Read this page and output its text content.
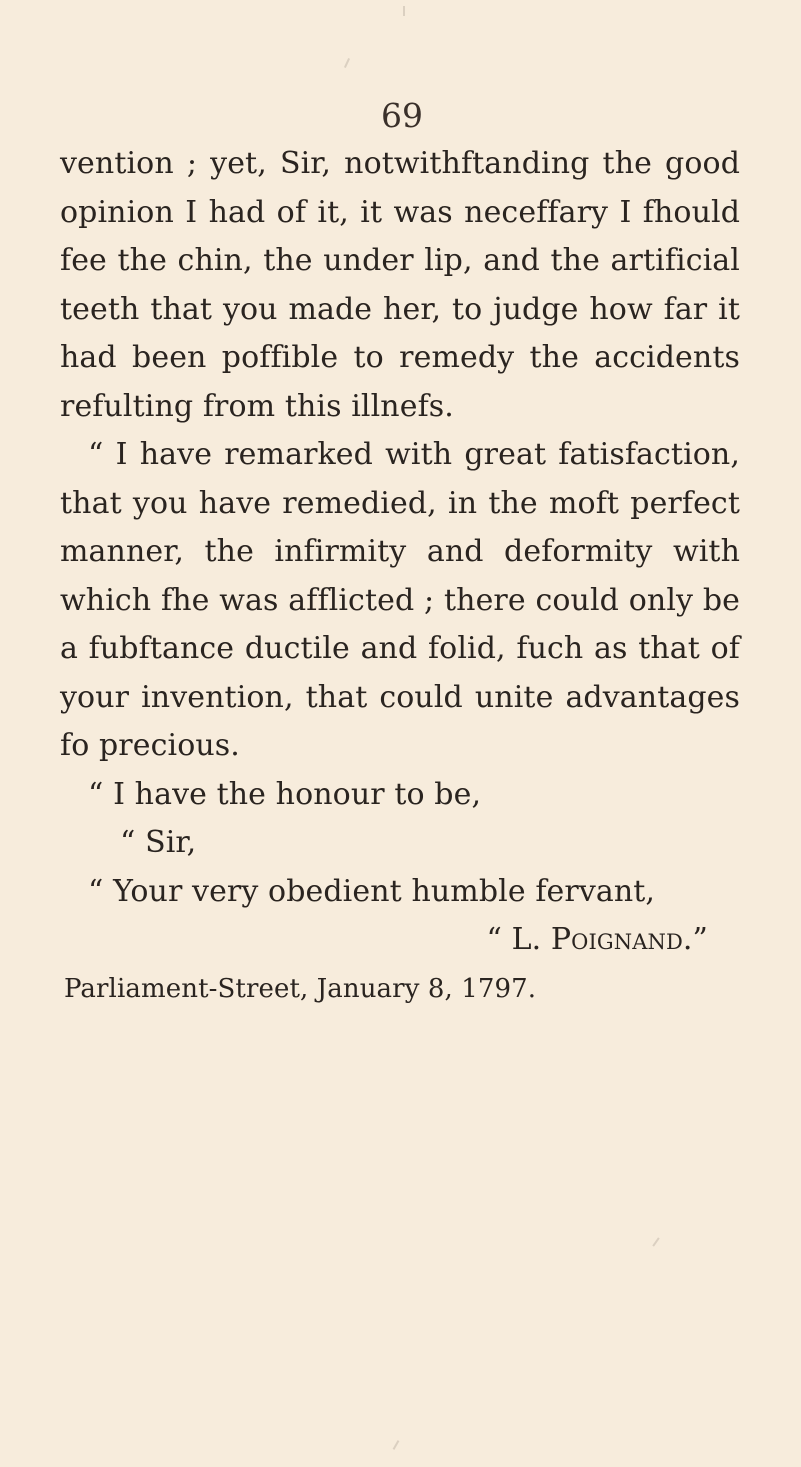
69
vention ; yet, Sir, notwithftanding the good
opinion I had of it, it was neceffary I fhould
fee the chin, the under lip, and the artificial
teeth that you made her, to judge how far it
had been poffible to remedy the accidents
refulting from this illnefs.
“ I have remarked with great fatisfaction,
that you have remedied, in the moft perfect
manner, the infirmity and deformity with
which fhe was afflicted ; there could only be
a fubftance ductile and folid, fuch as that of
your invention, that could unite advantages
fo precious.
“ I have the honour to be,
“ Sir,
“ Your very obedient humble fervant,
“ L. Poignand.”
Parliament-Street, January 8, 1797.
